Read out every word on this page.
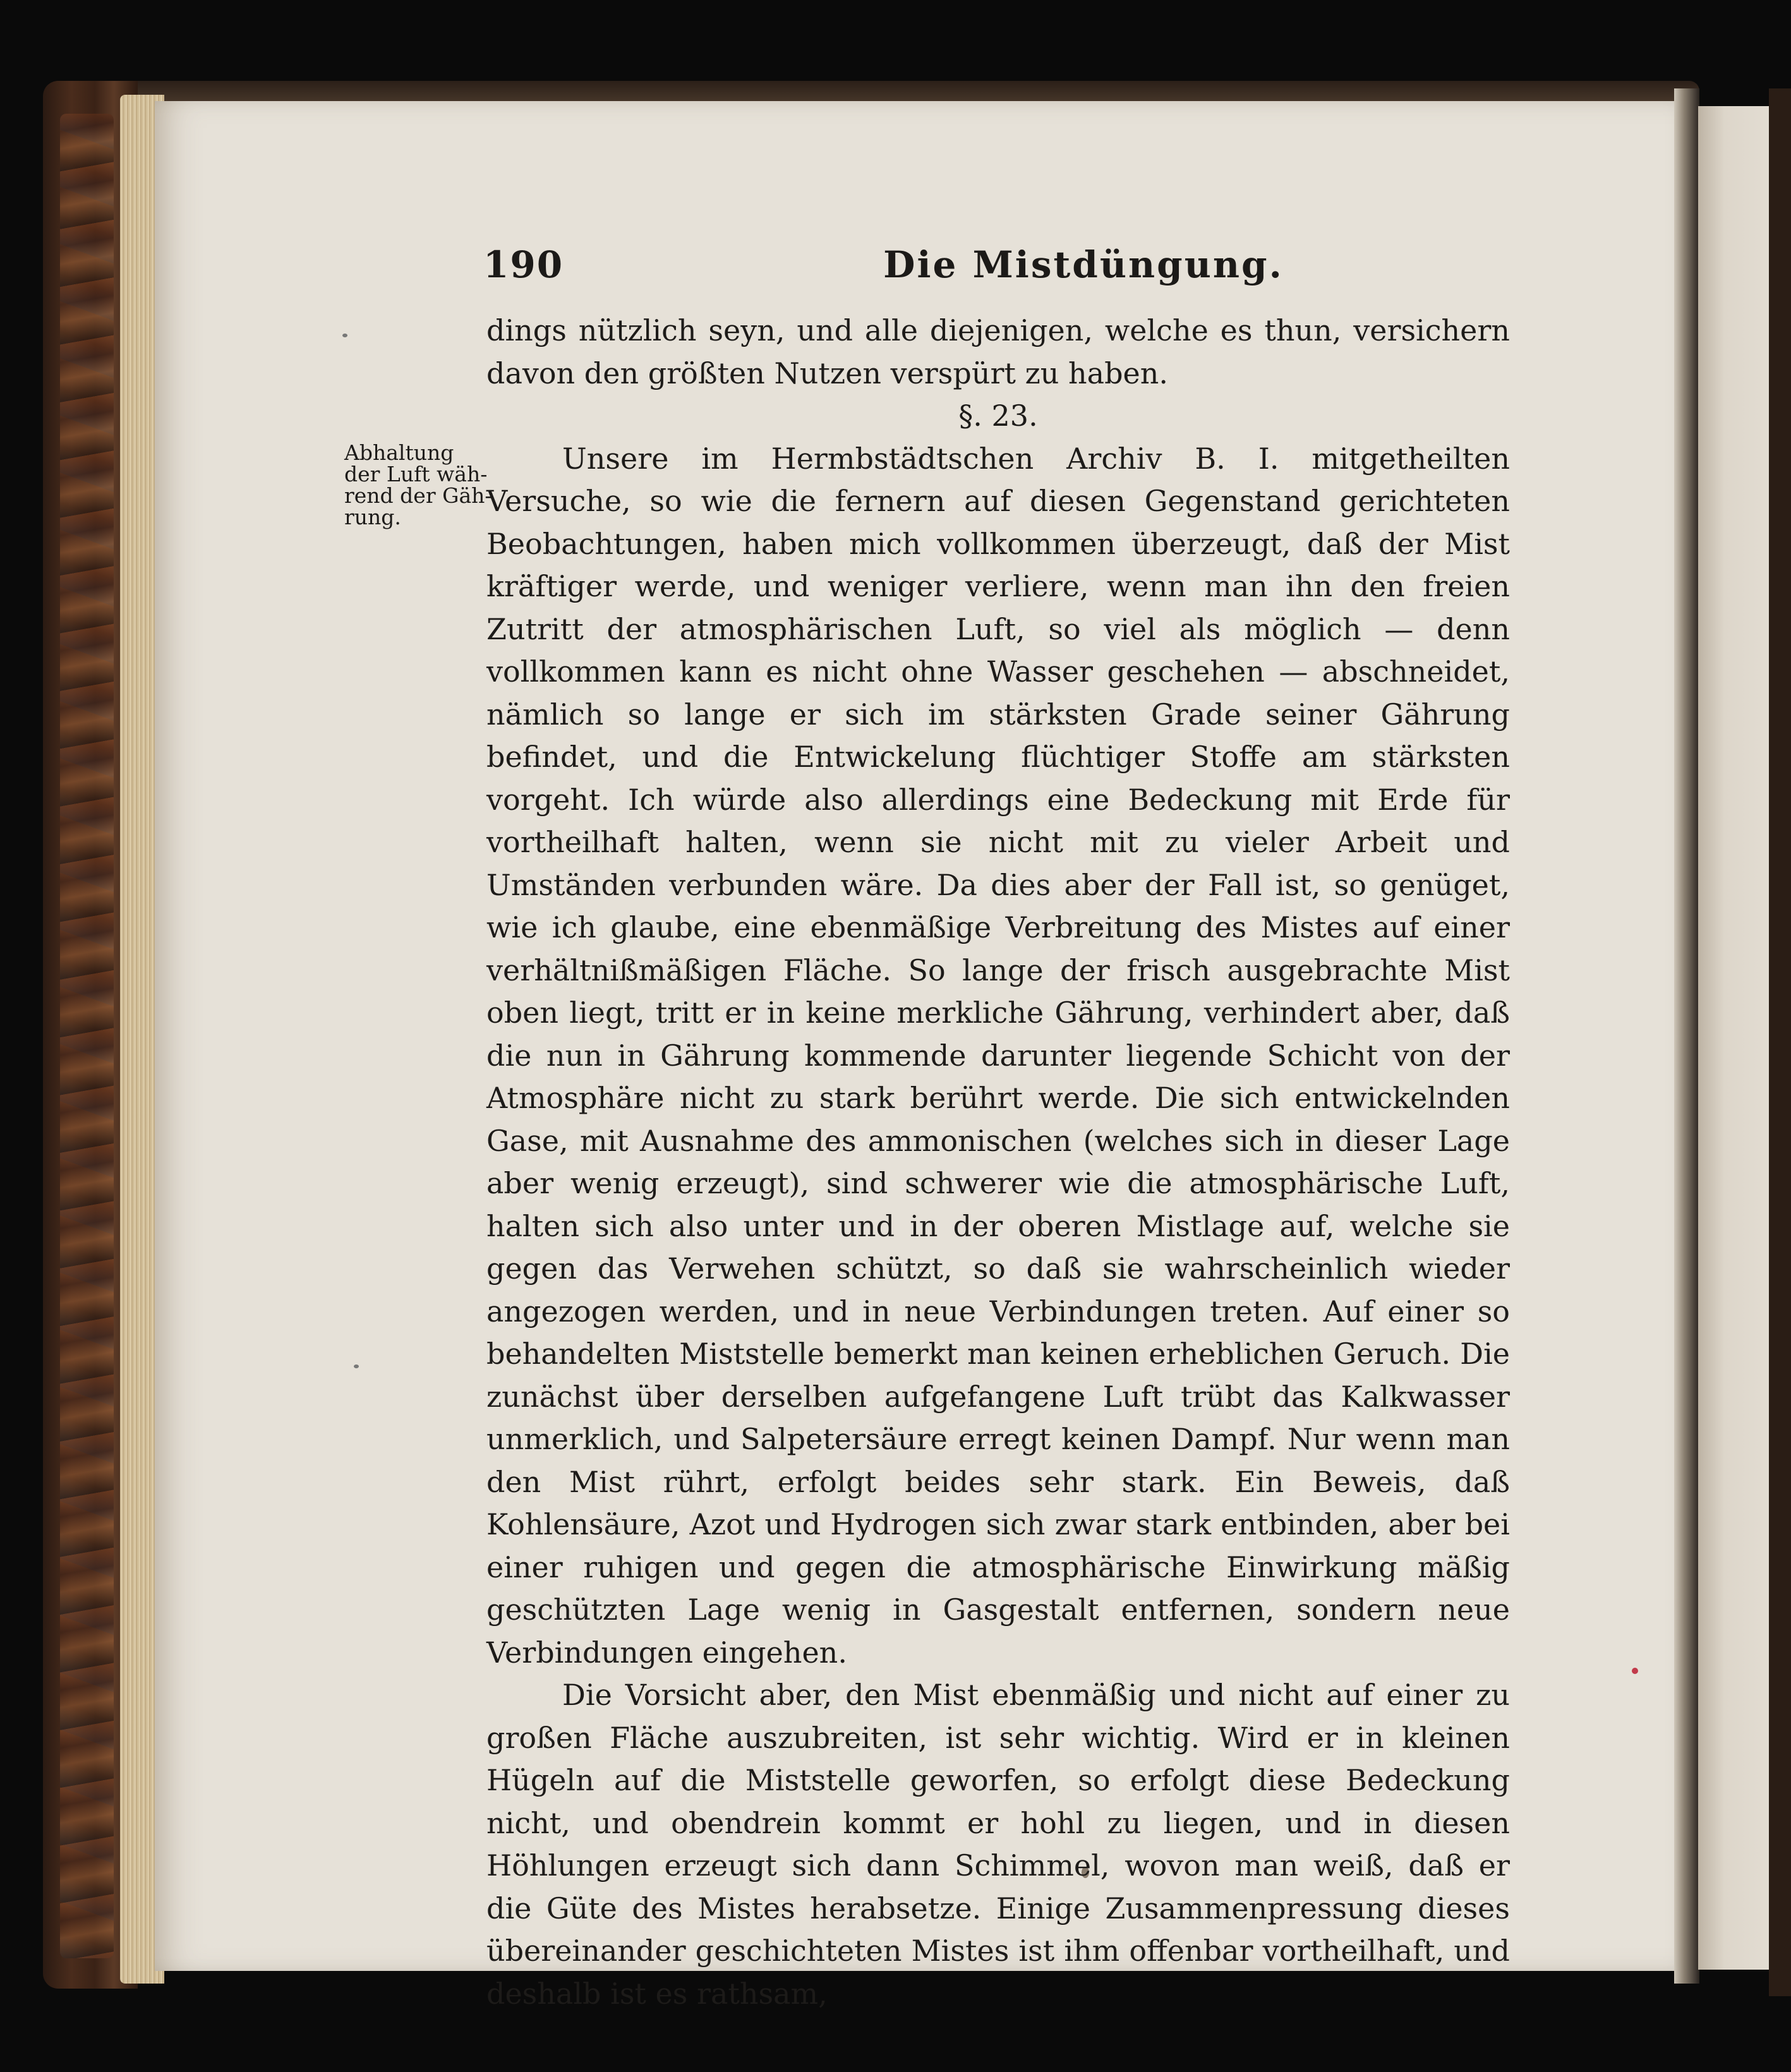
190	Die Mistdüngung.
Abhaltung
der Luft wäh-
rend der Gäh-
rung.

dings nützlich seyn, und alle diejenigen, welche es thun, versichern davon den größten Nutzen verspürt zu haben.

§. 23.

Unsere im Hermbstädtschen Archiv B. I. mitgetheilten Versuche, so wie die fernern auf diesen Gegenstand gerichteten Beobachtungen, haben mich vollkommen überzeugt, daß der Mist kräftiger werde, und weniger verliere, wenn man ihn den freien Zutritt der atmosphärischen Luft, so viel als möglich — denn vollkommen kann es nicht ohne Wasser geschehen — abschneidet, nämlich so lange er sich im stärksten Grade seiner Gährung befindet, und die Entwickelung flüchtiger Stoffe am stärksten vorgeht. Ich würde also allerdings eine Bedeckung mit Erde für vortheilhaft halten, wenn sie nicht mit zu vieler Arbeit und Umständen verbunden wäre. Da dies aber der Fall ist, so genüget, wie ich glaube, eine ebenmäßige Verbreitung des Mistes auf einer verhältnißmäßigen Fläche. So lange der frisch ausgebrachte Mist oben liegt, tritt er in keine merkliche Gährung, verhindert aber, daß die nun in Gährung kommende darunter liegende Schicht von der Atmosphäre nicht zu stark berührt werde. Die sich entwickelnden Gase, mit Ausnahme des ammonischen (welches sich in dieser Lage aber wenig erzeugt), sind schwerer wie die atmosphärische Luft, halten sich also unter und in der oberen Mistlage auf, welche sie gegen das Verwehen schützt, so daß sie wahrscheinlich wieder angezogen werden, und in neue Verbindungen treten. Auf einer so behandelten Miststelle bemerkt man keinen erheblichen Geruch. Die zunächst über derselben aufgefangene Luft trübt das Kalkwasser unmerklich, und Salpetersäure erregt keinen Dampf. Nur wenn man den Mist rührt, erfolgt beides sehr stark. Ein Beweis, daß Kohlensäure, Azot und Hydrogen sich zwar stark entbinden, aber bei einer ruhigen und gegen die atmosphärische Einwirkung mäßig geschützten Lage wenig in Gasgestalt entfernen, sondern neue Verbindungen eingehen.

Die Vorsicht aber, den Mist ebenmäßig und nicht auf einer zu großen Fläche auszubreiten, ist sehr wichtig. Wird er in kleinen Hügeln auf die Miststelle geworfen, so erfolgt diese Bedeckung nicht, und obendrein kommt er hohl zu liegen, und in diesen Höhlungen erzeugt sich dann Schimmel, wovon man weiß, daß er die Güte des Mistes herabsetze. Einige Zusammenpressung dieses übereinander geschichteten Mistes ist ihm offenbar vortheilhaft, und deshalb ist es rathsam,
